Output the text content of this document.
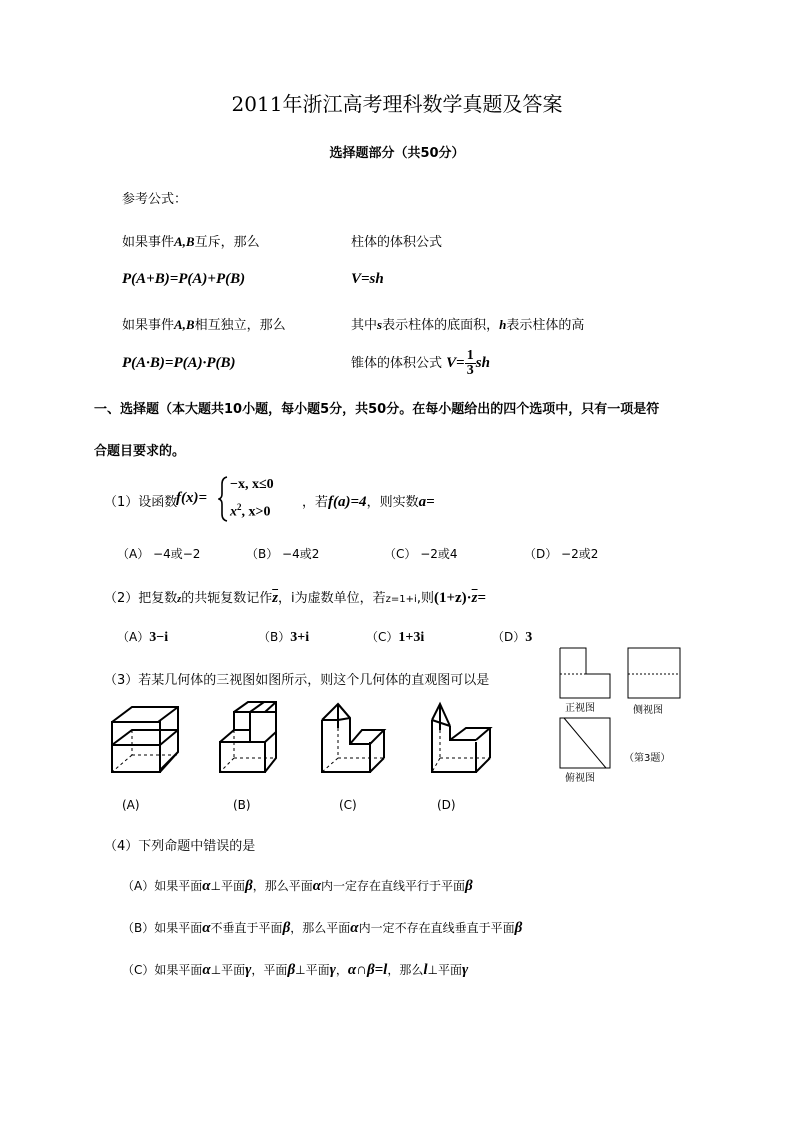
2011年浙江高考理科数学真题及答案
选择题部分（共50分）
参考公式：
如果事件A,B互斥，那么	柱体的体积公式
P(A+B)=P(A)+P(B)	V=sh
如果事件A,B相互独立，那么	其中s表示柱体的底面积，h表示柱体的高
P(A·B)=P(A)·P(B)	锥体的体积公式 $V= \frac{1}{3}$ sh
一、选择题（本大题共10小题，每小题5分，共50分。在每小题给出的四个选项中，只有一项是符
合题目要求的。
（1）设函数
f(x)=
−x, x≤0
$x^2$, x>0
，若f(a)=4，则实数a=
（A） −4或−2	（B） −4或2	（C） −2或4	（D） −2或2
（2）把复数z的共轭复数记作$\overline{z}$，i为虚数单位，若z=1+i,则$(1+z)\cdot\overline{z}=$
（A）3−i	（B）3+i	（C）1+3i	（D）3
（3）若某几何体的三视图如图所示，则这个几何体的直观图可以是
(A)	(B)	(C)	(D)
正视图	侧视图
（第3题）
俯视图
（4）下列命题中错误的是
（A）如果平面α⊥平面β，那么平面α内一定存在直线平行于平面β
（B）如果平面α不垂直于平面β，那么平面α内一定不存在直线垂直于平面β
（C）如果平面α⊥平面γ，平面β⊥平面γ，α∩β=l，那么l⊥平面γ
